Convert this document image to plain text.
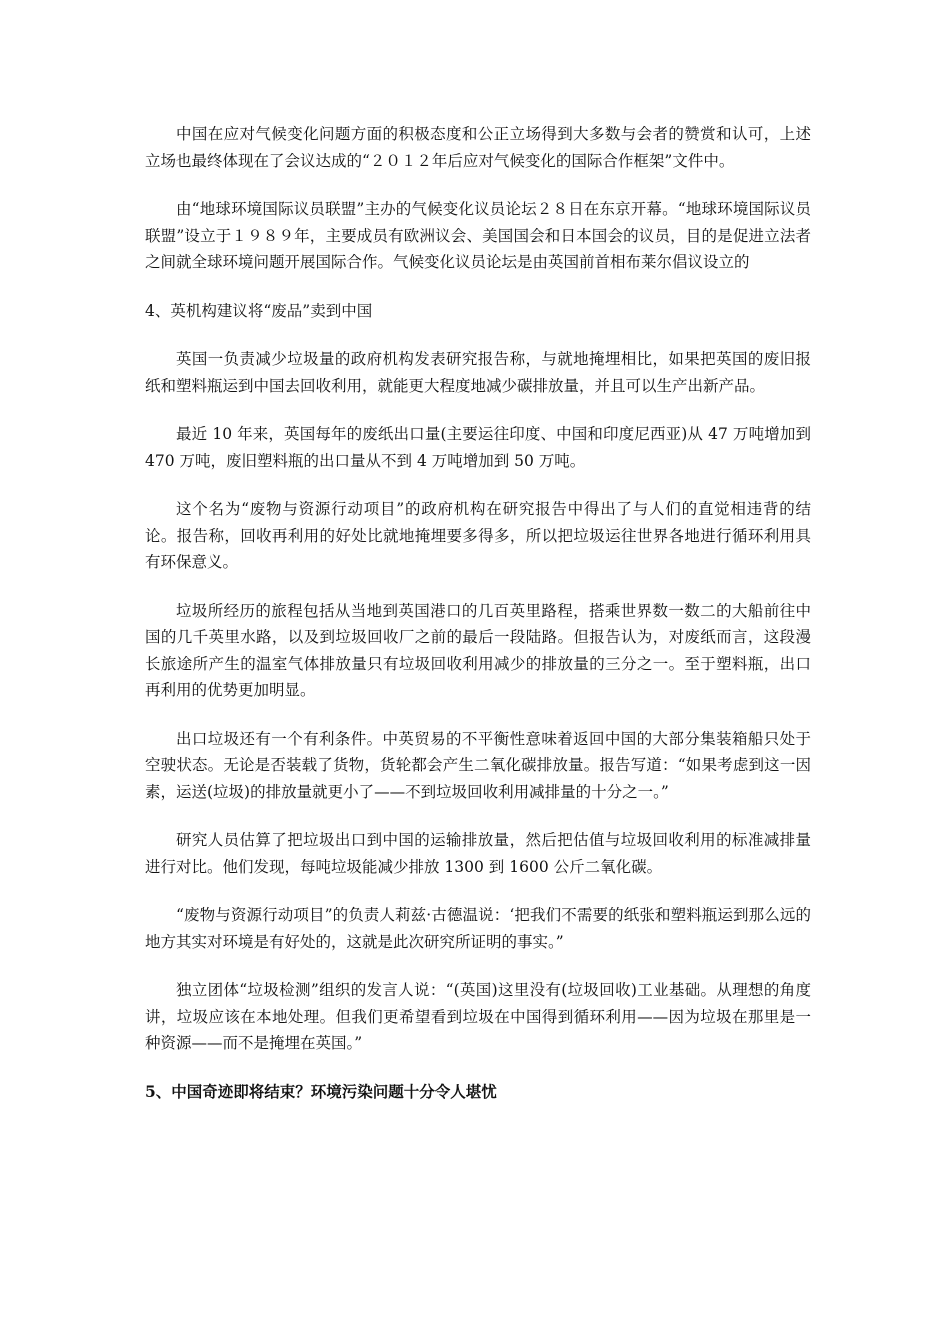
中国在应对气候变化问题方面的积极态度和公正立场得到大多数与会者的赞赏和认可，上述立场也最终体现在了会议达成的“２０１２年后应对气候变化的国际合作框架”文件中。

由“地球环境国际议员联盟”主办的气候变化议员论坛２８日在东京开幕。“地球环境国际议员联盟”设立于１９８９年，主要成员有欧洲议会、美国国会和日本国会的议员，目的是促进立法者之间就全球环境问题开展国际合作。气候变化议员论坛是由英国前首相布莱尔倡议设立的

4、英机构建议将“废品”卖到中国

英国一负责减少垃圾量的政府机构发表研究报告称，与就地掩埋相比，如果把英国的废旧报纸和塑料瓶运到中国去回收利用，就能更大程度地减少碳排放量，并且可以生产出新产品。

最近 10 年来，英国每年的废纸出口量(主要运往印度、中国和印度尼西亚)从 47 万吨增加到 470 万吨，废旧塑料瓶的出口量从不到 4 万吨增加到 50 万吨。

这个名为“废物与资源行动项目”的政府机构在研究报告中得出了与人们的直觉相违背的结论。报告称，回收再利用的好处比就地掩埋要多得多，所以把垃圾运往世界各地进行循环利用具有环保意义。

垃圾所经历的旅程包括从当地到英国港口的几百英里路程，搭乘世界数一数二的大船前往中国的几千英里水路，以及到垃圾回收厂之前的最后一段陆路。但报告认为，对废纸而言，这段漫长旅途所产生的温室气体排放量只有垃圾回收利用减少的排放量的三分之一。至于塑料瓶，出口再利用的优势更加明显。

出口垃圾还有一个有利条件。中英贸易的不平衡性意味着返回中国的大部分集装箱船只处于空驶状态。无论是否装载了货物，货轮都会产生二氧化碳排放量。报告写道：“如果考虑到这一因素，运送(垃圾)的排放量就更小了——不到垃圾回收利用减排量的十分之一。”

研究人员估算了把垃圾出口到中国的运输排放量，然后把估值与垃圾回收利用的标准减排量进行对比。他们发现，每吨垃圾能减少排放 1300 到 1600 公斤二氧化碳。

“废物与资源行动项目”的负责人莉兹·古德温说：‘把我们不需要的纸张和塑料瓶运到那么远的地方其实对环境是有好处的，这就是此次研究所证明的事实。”

独立团体“垃圾检测”组织的发言人说：“(英国)这里没有(垃圾回收)工业基础。从理想的角度讲，垃圾应该在本地处理。但我们更希望看到垃圾在中国得到循环利用——因为垃圾在那里是一种资源——而不是掩埋在英国。”

5、中国奇迹即将结束？环境污染问题十分令人堪忧
